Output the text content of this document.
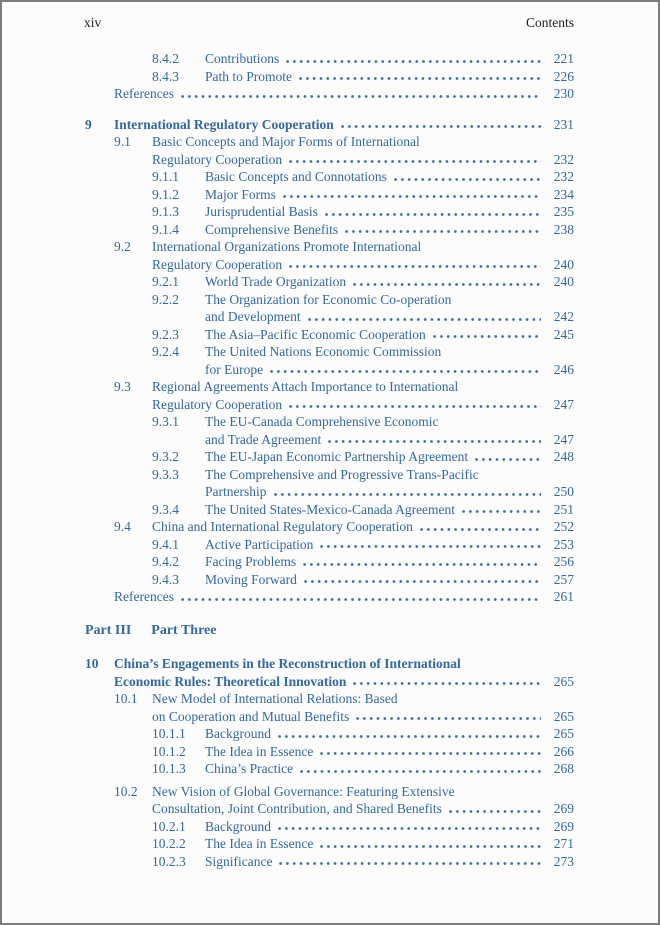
xiv	Contents
8.4.2	Contributions	221
8.4.3	Path to Promote	226
References	230
9	International Regulatory Cooperation	231
9.1	Basic Concepts and Major Forms of International
Regulatory Cooperation	232
9.1.1	Basic Concepts and Connotations	232
9.1.2	Major Forms	234
9.1.3	Jurisprudential Basis	235
9.1.4	Comprehensive Benefits	238
9.2	International Organizations Promote International
Regulatory Cooperation	240
9.2.1	World Trade Organization	240
9.2.2	The Organization for Economic Co-operation
and Development	242
9.2.3	The Asia–Pacific Economic Cooperation	245
9.2.4	The United Nations Economic Commission
for Europe	246
9.3	Regional Agreements Attach Importance to International
Regulatory Cooperation	247
9.3.1	The EU-Canada Comprehensive Economic
and Trade Agreement	247
9.3.2	The EU-Japan Economic Partnership Agreement	248
9.3.3	The Comprehensive and Progressive Trans-Pacific
Partnership	250
9.3.4	The United States-Mexico-Canada Agreement	251
9.4	China and International Regulatory Cooperation	252
9.4.1	Active Participation	253
9.4.2	Facing Problems	256
9.4.3	Moving Forward	257
References	261
Part III Part Three
10	China’s Engagements in the Reconstruction of International
Economic Rules: Theoretical Innovation	265
10.1	New Model of International Relations: Based
on Cooperation and Mutual Benefits	265
10.1.1	Background	265
10.1.2	The Idea in Essence	266
10.1.3	China’s Practice	268
10.2	New Vision of Global Governance: Featuring Extensive
Consultation, Joint Contribution, and Shared Benefits	269
10.2.1	Background	269
10.2.2	The Idea in Essence	271
10.2.3	Significance	273
